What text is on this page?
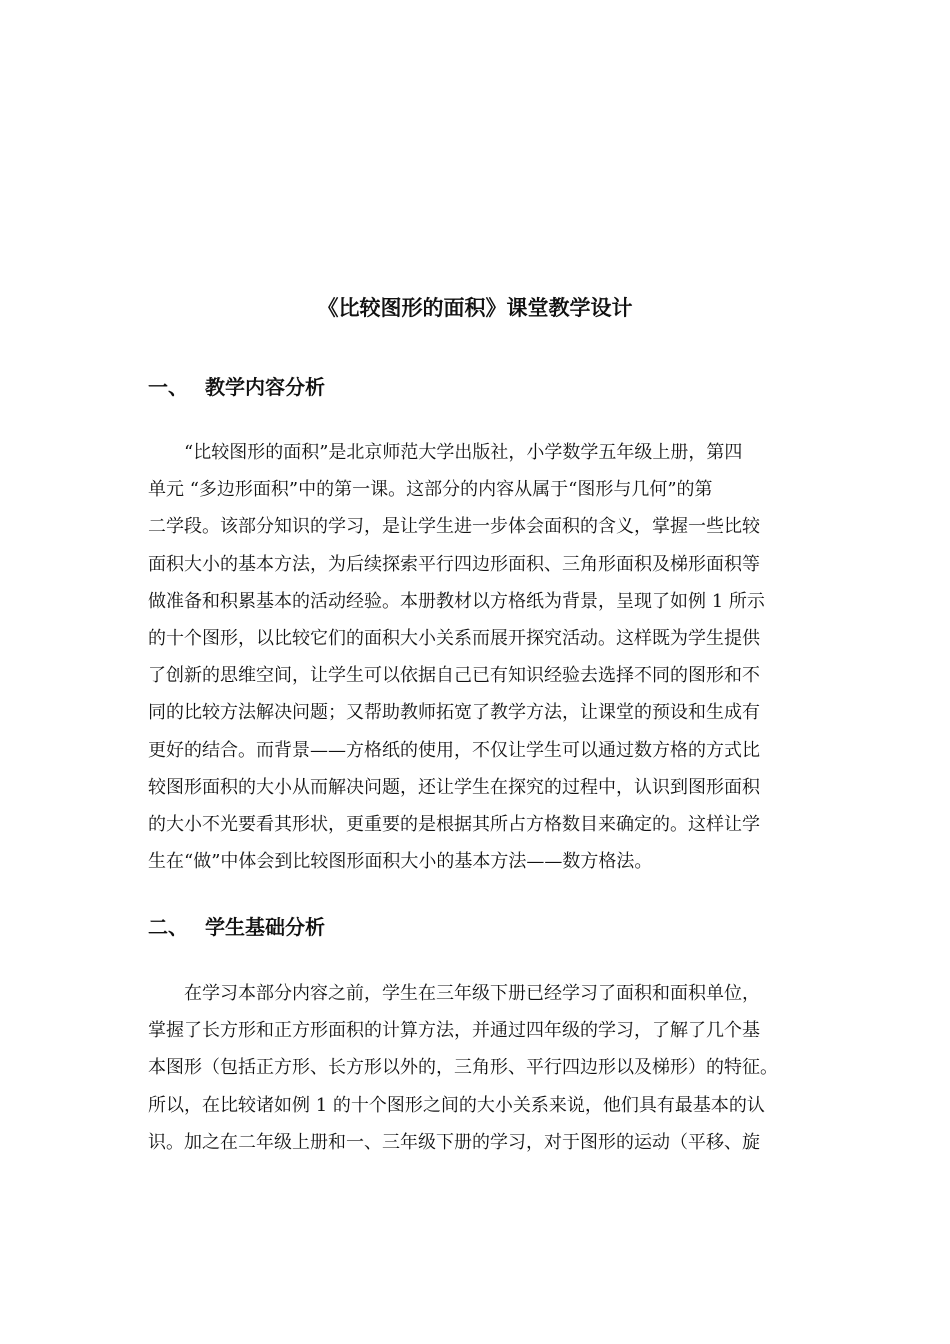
《比较图形的面积》课堂教学设计
一、 教学内容分析
　　“比较图形的面积”是北京师范大学出版社，小学数学五年级上册，第四
单元 “多边形面积”中的第一课。这部分的内容从属于“图形与几何”的第
二学段。该部分知识的学习，是让学生进一步体会面积的含义，掌握一些比较
面积大小的基本方法，为后续探索平行四边形面积、三角形面积及梯形面积等
做准备和积累基本的活动经验。本册教材以方格纸为背景，呈现了如例 1 所示
的十个图形，以比较它们的面积大小关系而展开探究活动。这样既为学生提供
了创新的思维空间，让学生可以依据自己已有知识经验去选择不同的图形和不
同的比较方法解决问题；又帮助教师拓宽了教学方法，让课堂的预设和生成有
更好的结合。而背景——方格纸的使用，不仅让学生可以通过数方格的方式比
较图形面积的大小从而解决问题，还让学生在探究的过程中，认识到图形面积
的大小不光要看其形状，更重要的是根据其所占方格数目来确定的。这样让学
生在“做”中体会到比较图形面积大小的基本方法——数方格法。
二、 学生基础分析
　　在学习本部分内容之前，学生在三年级下册已经学习了面积和面积单位，
掌握了长方形和正方形面积的计算方法，并通过四年级的学习，了解了几个基
本图形（包括正方形、长方形以外的，三角形、平行四边形以及梯形）的特征。
所以，在比较诸如例 1 的十个图形之间的大小关系来说，他们具有最基本的认
识。加之在二年级上册和一、三年级下册的学习，对于图形的运动（平移、旋
